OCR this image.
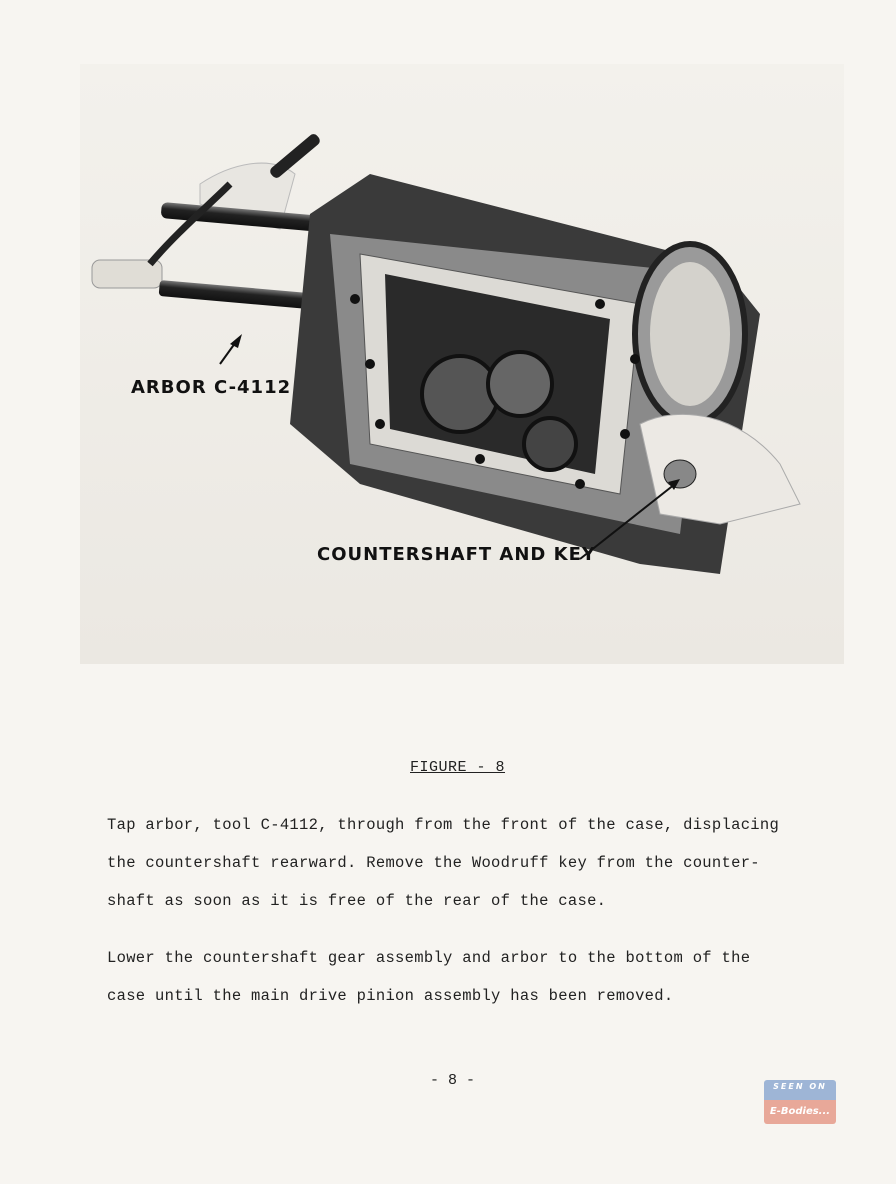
ARBOR C-4112
COUNTERSHAFT AND KEY
FIGURE - 8
Tap arbor, tool C-4112, through from the front of the case, displacing
the countershaft rearward. Remove the Woodruff key from the counter-
shaft as soon as it is free of the rear of the case.
Lower the countershaft gear assembly and arbor to the bottom of the
case until the main drive pinion assembly has been removed.
- 8 -	SEEN ON
E-Bodies...
